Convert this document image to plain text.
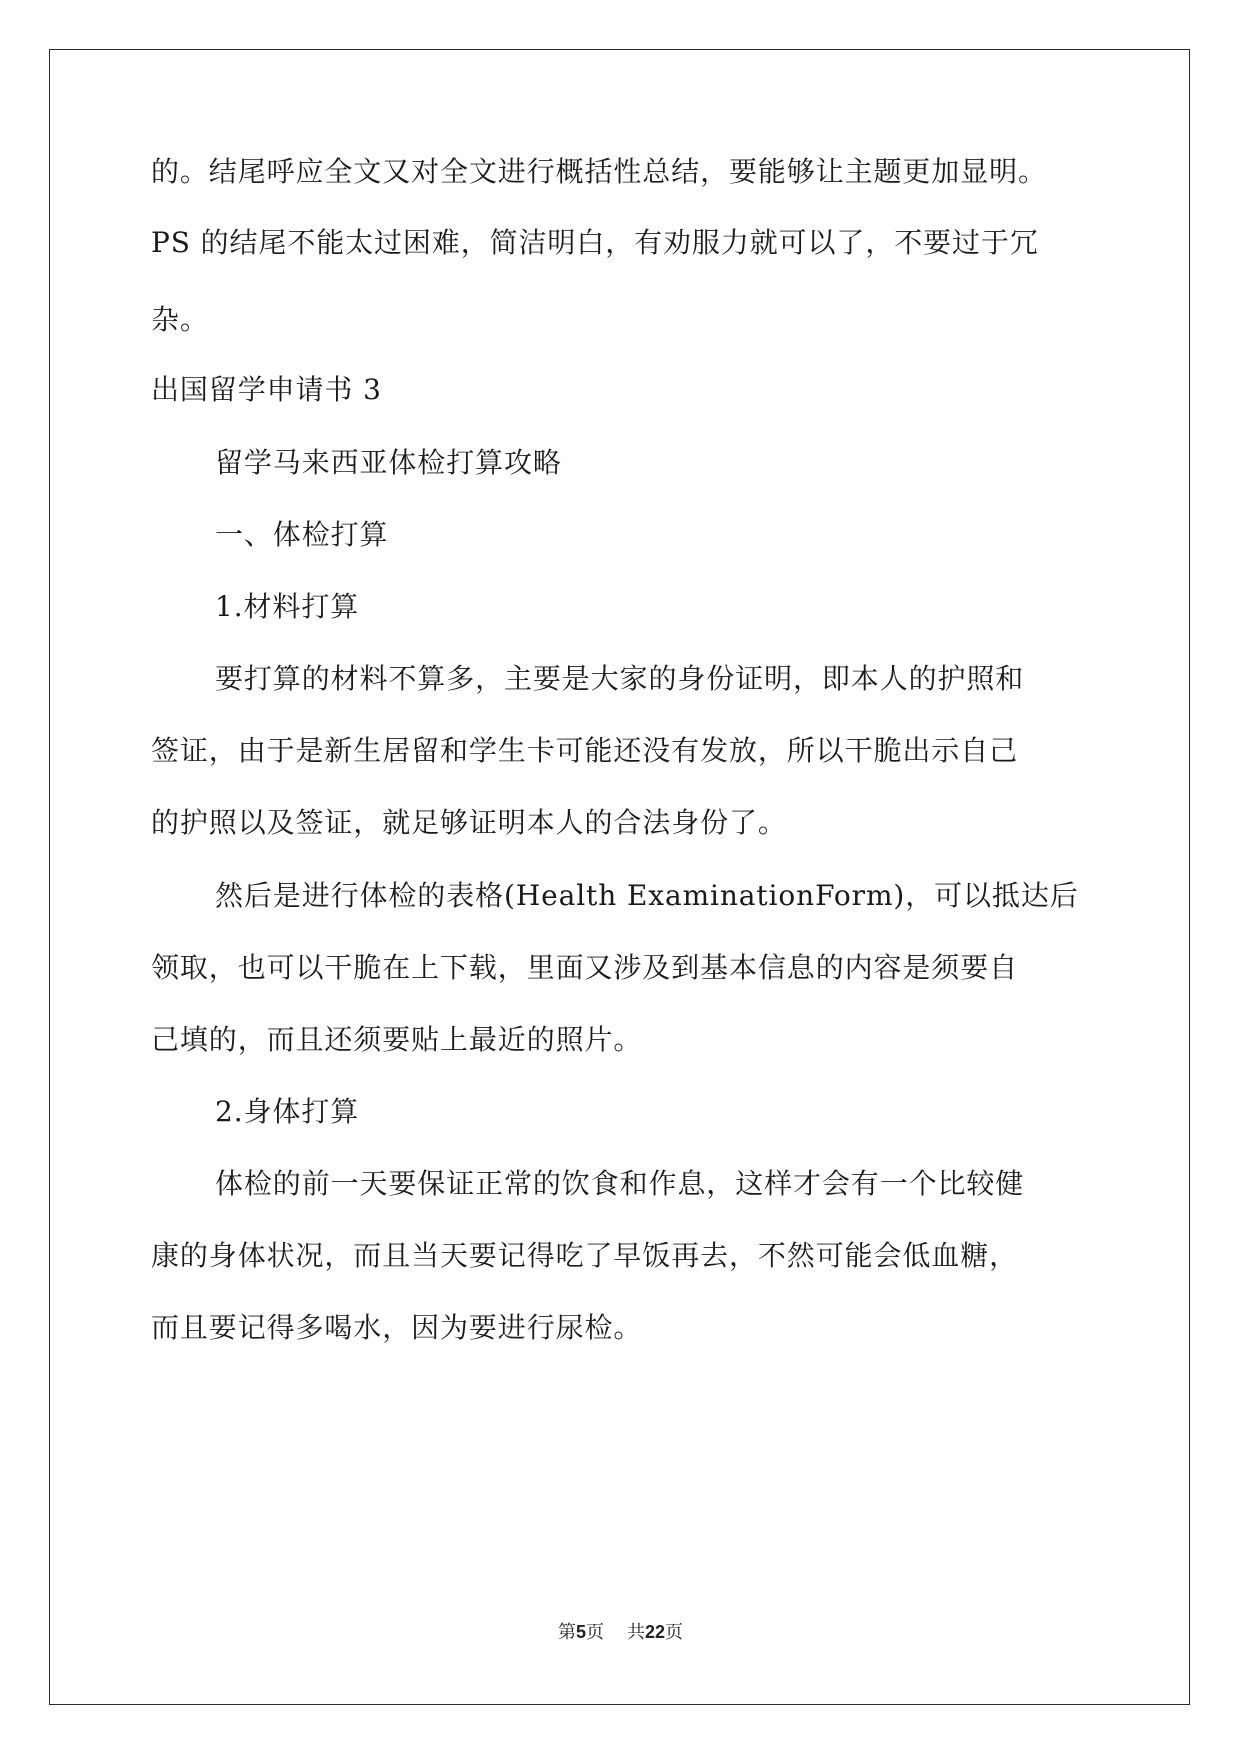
的。结尾呼应全文又对全文进行概括性总结，要能够让主题更加显明。
PS 的结尾不能太过困难，简洁明白，有劝服力就可以了，不要过于冗
杂。
出国留学申请书 3
留学马来西亚体检打算攻略
一、体检打算
1.材料打算
要打算的材料不算多，主要是大家的身份证明，即本人的护照和
签证，由于是新生居留和学生卡可能还没有发放，所以干脆出示自己
的护照以及签证，就足够证明本人的合法身份了。
然后是进行体检的表格(Health ExaminationForm)，可以抵达后
领取，也可以干脆在上下载，里面又涉及到基本信息的内容是须要自
己填的，而且还须要贴上最近的照片。
2.身体打算
体检的前一天要保证正常的饮食和作息，这样才会有一个比较健
康的身体状况，而且当天要记得吃了早饭再去，不然可能会低血糖，
而且要记得多喝水，因为要进行尿检。
第5页 共22页
